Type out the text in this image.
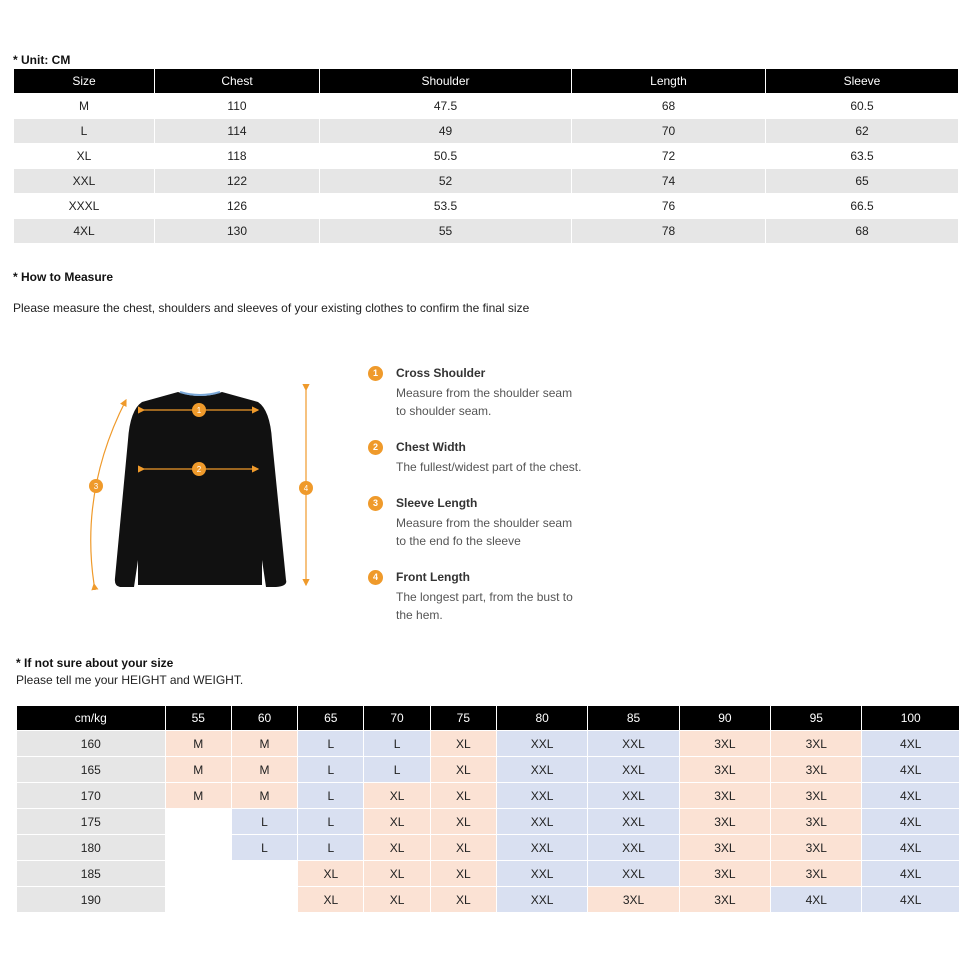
* Unit: CM
Size	Chest	Shoulder	Length	Sleeve
M	110	47.5	68	60.5
L	114	49	70	62
XL	118	50.5	72	63.5
XXL	122	52	74	65
XXXL	126	53.5	76	66.5
4XL	130	55	78	68
* How to Measure
Please measure the chest, shoulders and sleeves of your existing clothes to confirm the final size
1
2
3	4
1	Cross Shoulder
Measure from the shoulder seam
to shoulder seam.
2	Chest Width
The fullest/widest part of the chest.
3	Sleeve Length
Measure from the shoulder seam
to the end fo the sleeve
4	Front Length
The longest part, from the bust to
the hem.
* If not sure about your size
Please tell me your HEIGHT and WEIGHT.
cm/kg	55	60	65	70	75	80	85	90	95	100
160	M	M	L	L	XL	XXL	XXL	3XL	3XL	4XL
165	M	M	L	L	XL	XXL	XXL	3XL	3XL	4XL
170	M	M	L	XL	XL	XXL	XXL	3XL	3XL	4XL
175		L	L	XL	XL	XXL	XXL	3XL	3XL	4XL
180		L	L	XL	XL	XXL	XXL	3XL	3XL	4XL
185			XL	XL	XL	XXL	XXL	3XL	3XL	4XL
190			XL	XL	XL	XXL	3XL	3XL	4XL	4XL
